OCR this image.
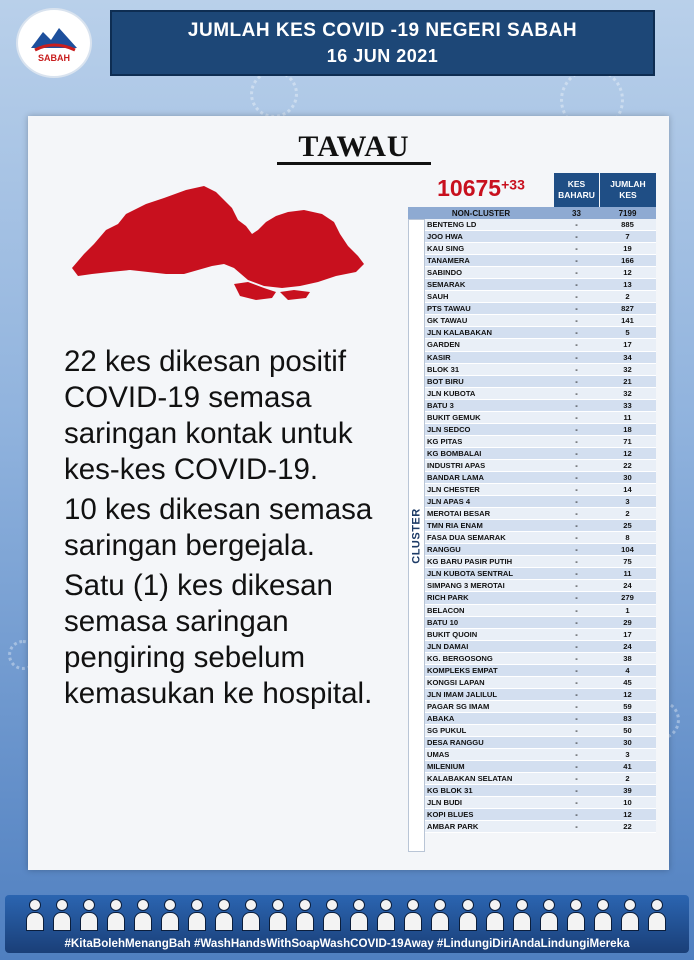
SABAH
JUMLAH KES COVID -19 NEGERI SABAH
16 JUN 2021
TAWAU

22 kes dikesan positif COVID-19 semasa saringan kontak untuk kes-kes COVID-19.

10 kes dikesan semasa saringan bergejala.

Satu (1) kes dikesan semasa saringan pengiring sebelum kemasukan ke hospital.

10675+33	KES BAHARU
JUMLAH KES
NON-CLUSTER	33	7199
CLUSTER
BENTENG LD	-	885
JOO HWA	-	7
KAU SING	-	19
TANAMERA	-	166
SABINDO	-	12
SEMARAK	-	13
SAUH	-	2
PTS TAWAU	-	827
GK TAWAU	-	141
JLN KALABAKAN	-	5
GARDEN	-	17
KASIR	-	34
BLOK 31	-	32
BOT BIRU	-	21
JLN KUBOTA	-	32
BATU 3	-	33
BUKIT GEMUK	-	11
JLN SEDCO	-	18
KG PITAS	-	71
KG BOMBALAI	-	12
INDUSTRI APAS	-	22
BANDAR LAMA	-	30
JLN CHESTER	-	14
JLN APAS 4	-	3
MEROTAI BESAR	-	2
TMN RIA ENAM	-	25
FASA DUA SEMARAK	-	8
RANGGU	-	104
KG BARU PASIR PUTIH	-	75
JLN KUBOTA SENTRAL	-	11
SIMPANG 3 MEROTAI	-	24
RICH PARK	-	279
BELACON	-	1
BATU 10	-	29
BUKIT QUOIN	-	17
JLN DAMAI	-	24
KG. BERGOSONG	-	38
KOMPLEKS EMPAT	-	4
KONGSI LAPAN	-	45
JLN IMAM JALILUL	-	12
PAGAR SG IMAM	-	59
ABAKA	-	83
SG PUKUL	-	50
DESA RANGGU	-	30
UMAS	-	3
MILENIUM	-	41
KALABAKAN SELATAN	-	2
KG BLOK 31	-	39
JLN BUDI	-	10
KOPI BLUES	-	12
AMBAR PARK	-	22
#KitaBolehMenangBah #WashHandsWithSoapWashCOVID-19Away #LindungiDiriAndaLindungiMereka
